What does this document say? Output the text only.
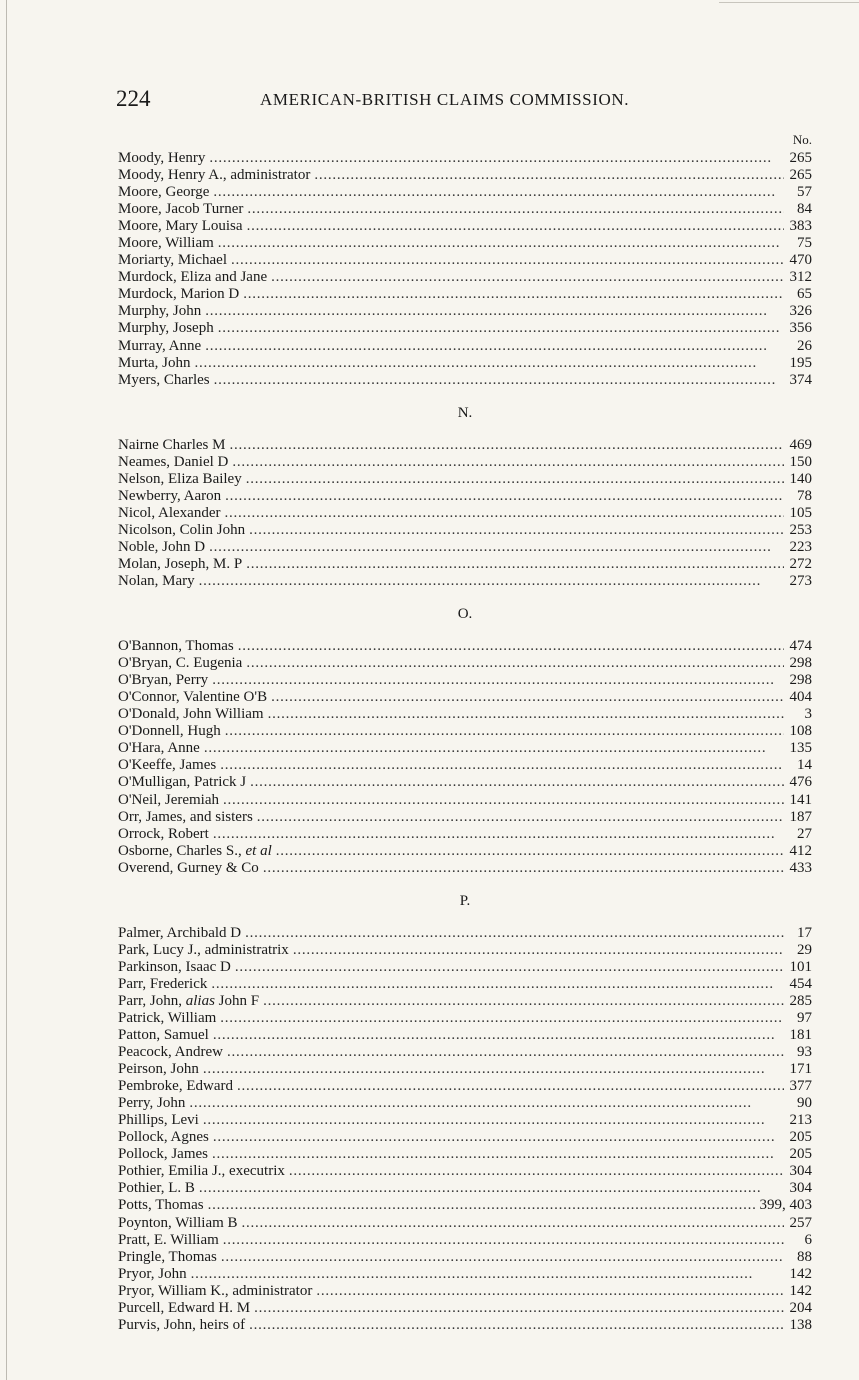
224	AMERICAN-BRITISH CLAIMS COMMISSION.
No.
Moody, Henry . . .	265
Moody, Henry A., administrator . . .	265
Moore, George . . .	57
Moore, Jacob Turner . . .	84
Moore, Mary Louisa . . .	383
Moore, William . . .	75
Moriarty, Michael . . .	470
Murdock, Eliza and Jane . . .	312
Murdock, Marion D . . .	65
Murphy, John . . .	326
Murphy, Joseph . . .	356
Murray, Anne . . .	26
Murta, John . . .	195
Myers, Charles . . .	374
N.
Nairne Charles M . . .	469
Neames, Daniel D . . .	150
Nelson, Eliza Bailey . . .	140
Newberry, Aaron . . .	78
Nicol, Alexander . . .	105
Nicolson, Colin John . . .	253
Noble, John D . . .	223
Molan, Joseph, M. P . . .	272
Nolan, Mary . . .	273
O.
O'Bannon, Thomas . . .	474
O'Bryan, C. Eugenia . . .	298
O'Bryan, Perry . . .	298
O'Connor, Valentine O'B . . .	404
O'Donald, John William . . .	3
O'Donnell, Hugh . . .	108
O'Hara, Anne . . .	135
O'Keeffe, James . . .	14
O'Mulligan, Patrick J . . .	476
O'Neil, Jeremiah . . .	141
Orr, James, and sisters . . .	187
Orrock, Robert . . .	27
Osborne, Charles S., et al . . .	412
Overend, Gurney & Co . . .	433
P.
Palmer, Archibald D . . .	17
Park, Lucy J., administratrix . . .	29
Parkinson, Isaac D . . .	101
Parr, Frederick . . .	454
Parr, John, alias John F . . .	285
Patrick, William . . .	97
Patton, Samuel . . .	181
Peacock, Andrew . . .	93
Peirson, John . . .	171
Pembroke, Edward . . .	377
Perry, John . . .	90
Phillips, Levi . . .	213
Pollock, Agnes . . .	205
Pollock, James . . .	205
Pothier, Emilia J., executrix . . .	304
Pothier, L. B . . .	304
Potts, Thomas . . .	399, 403
Poynton, William B . . .	257
Pratt, E. William . . .	6
Pringle, Thomas . . .	88
Pryor, John . . .	142
Pryor, William K., administrator . . .	142
Purcell, Edward H. M . . .	204
Purvis, John, heirs of . . .	138
